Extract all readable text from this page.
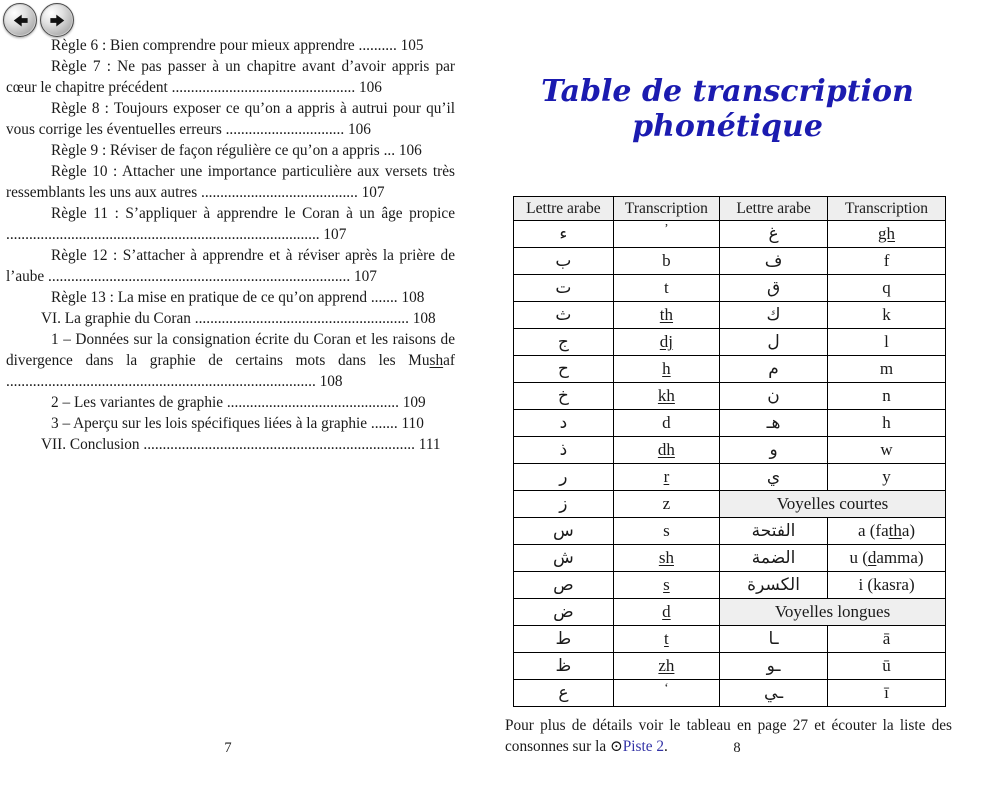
Règle 6 : Bien comprendre pour mieux apprendre .......... 105

Règle 7 : Ne pas passer à un chapitre avant d’avoir appris par cœur le chapitre précédent ................................................ 106

Règle 8 : Toujours exposer ce qu’on a appris à autrui pour qu’il vous corrige les éventuelles erreurs ............................... 106

Règle 9 : Réviser de façon régulière ce qu’on a appris ... 106

Règle 10 : Attacher une importance particulière aux versets très ressemblants les uns aux autres ......................................... 107

Règle 11 : S’appliquer à apprendre le Coran à un âge propice .................................................................................. 107

Règle 12 : S’attacher à apprendre et à réviser après la prière de l’aube ............................................................................... 107

Règle 13 : La mise en pratique de ce qu’on apprend ....... 108

VI. La graphie du Coran ........................................................ 108

1 – Données sur la consignation écrite du Coran et les raisons de divergence dans la graphie de certains mots dans les Mushaf ................................................................................. 108

2 – Les variantes de graphie ............................................. 109

3 – Aperçu sur les lois spécifiques liées à la graphie ....... 110

VII. Conclusion ....................................................................... 111

7
Table de transcription phonétique
Lettre arabe	Transcription	Lettre arabe	Transcription
ء	’	غ	gh
ب	b	ف	f
ت	t	ق	q
ث	th	ك	k
ج	dj	ل	l
ح	h	م	m
خ	kh	ن	n
د	d	هـ	h
ذ	dh	و	w
ر	r	ي	y
ز	z	Voyelles courtes	
س	s	الفتحة	a (fatha)
ش	sh	الضمة	u (damma)
ص	s	الكسرة	i (kasra)
ض	d	Voyelles longues	
ط	t	ـا	ā
ظ	zh	ـو	ū
ع	‘	ـي	ī

Pour plus de détails voir le tableau en page 27 et écouter la liste des consonnes sur la ⊙Piste 2.	8
